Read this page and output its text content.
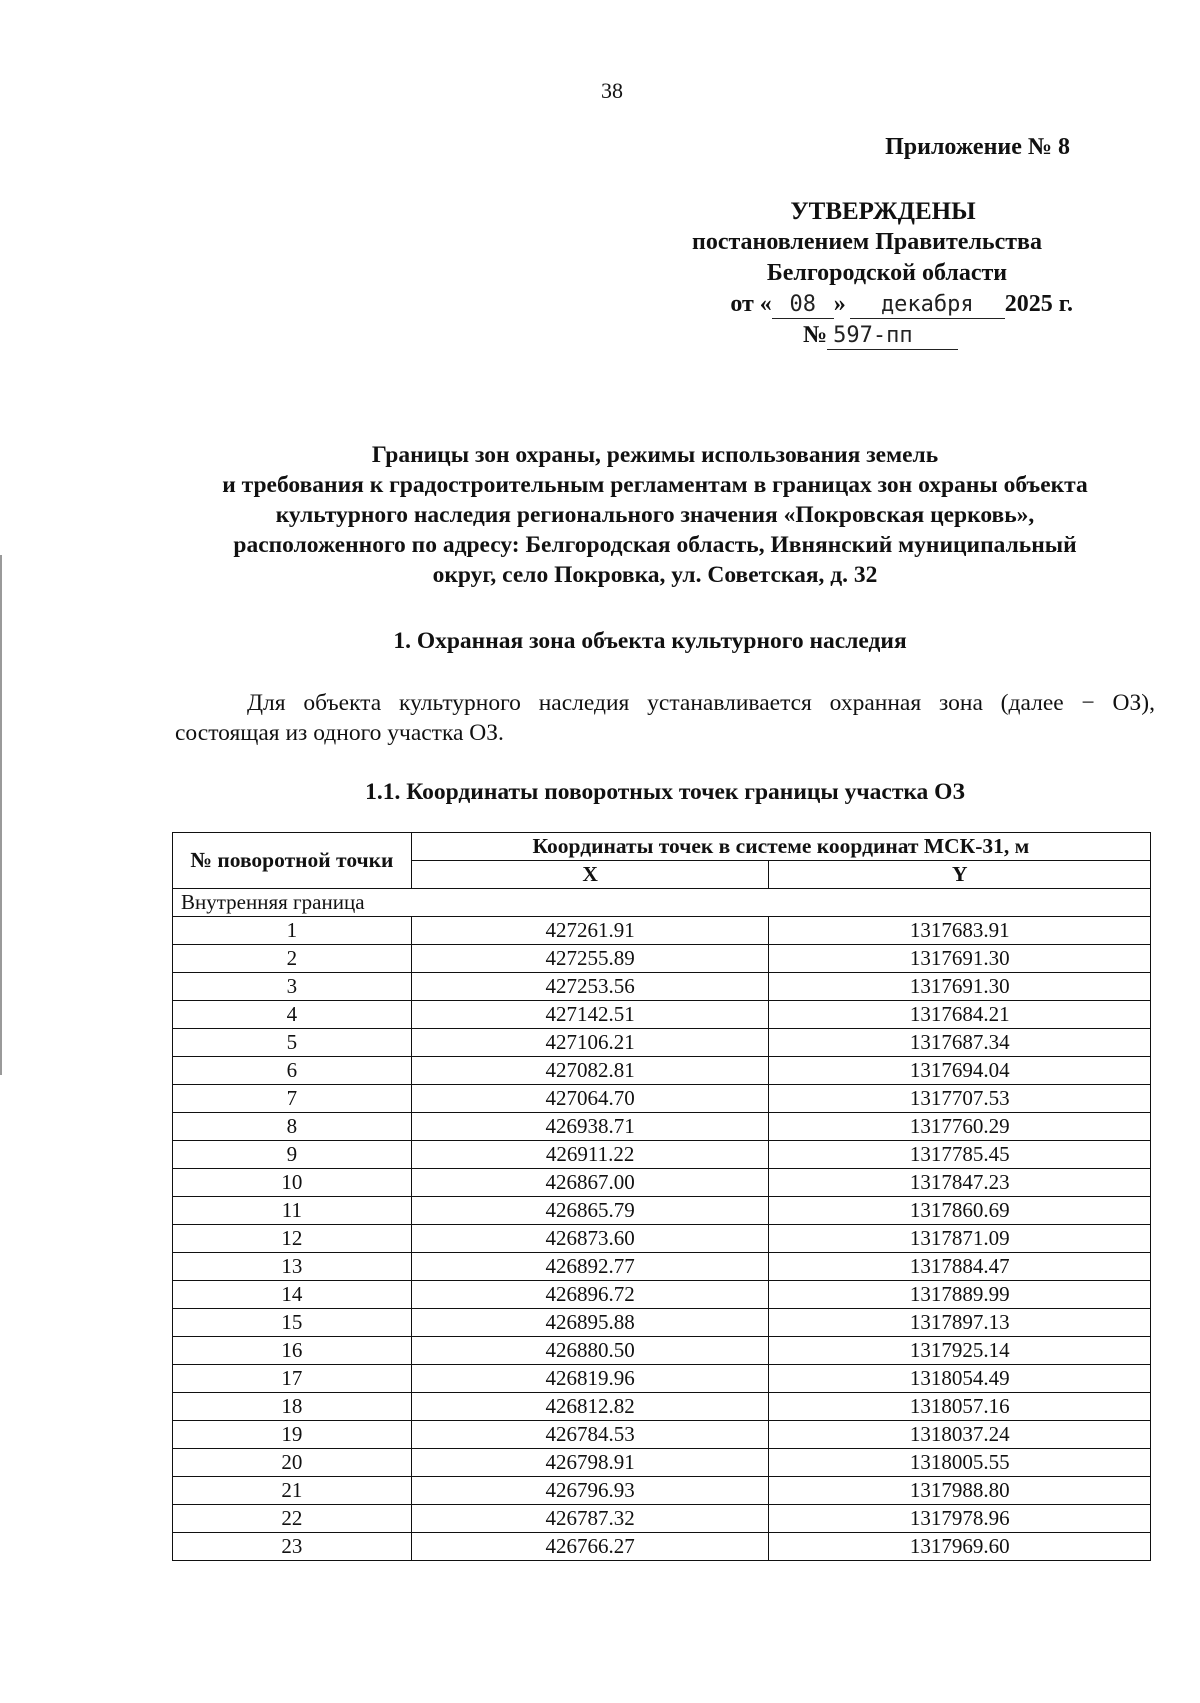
38
Приложение № 8
УТВЕРЖДЕНЫ
постановлением Правительства
Белгородской области
от « 08 » декабря 2025 г.
№ 597-пп
Границы зон охраны, режимы использования земель
и требования к градостроительным регламентам в границах зон охраны объекта
культурного наследия регионального значения «Покровская церковь»,
расположенного по адресу: Белгородская область, Ивнянский муниципальный
округ, село Покровка, ул. Советская, д. 32
1. Охранная зона объекта культурного наследия
Для объекта культурного наследия устанавливается охранная зона (далее − ОЗ), состоящая из одного участка ОЗ.
1.1. Координаты поворотных точек границы участка ОЗ
№ поворотной точки	Координаты точек в системе координат МСК-31, м	
	X	Y
Внутренняя граница		
1	427261.91	1317683.91
2	427255.89	1317691.30
3	427253.56	1317691.30
4	427142.51	1317684.21
5	427106.21	1317687.34
6	427082.81	1317694.04
7	427064.70	1317707.53
8	426938.71	1317760.29
9	426911.22	1317785.45
10	426867.00	1317847.23
11	426865.79	1317860.69
12	426873.60	1317871.09
13	426892.77	1317884.47
14	426896.72	1317889.99
15	426895.88	1317897.13
16	426880.50	1317925.14
17	426819.96	1318054.49
18	426812.82	1318057.16
19	426784.53	1318037.24
20	426798.91	1318005.55
21	426796.93	1317988.80
22	426787.32	1317978.96
23	426766.27	1317969.60
